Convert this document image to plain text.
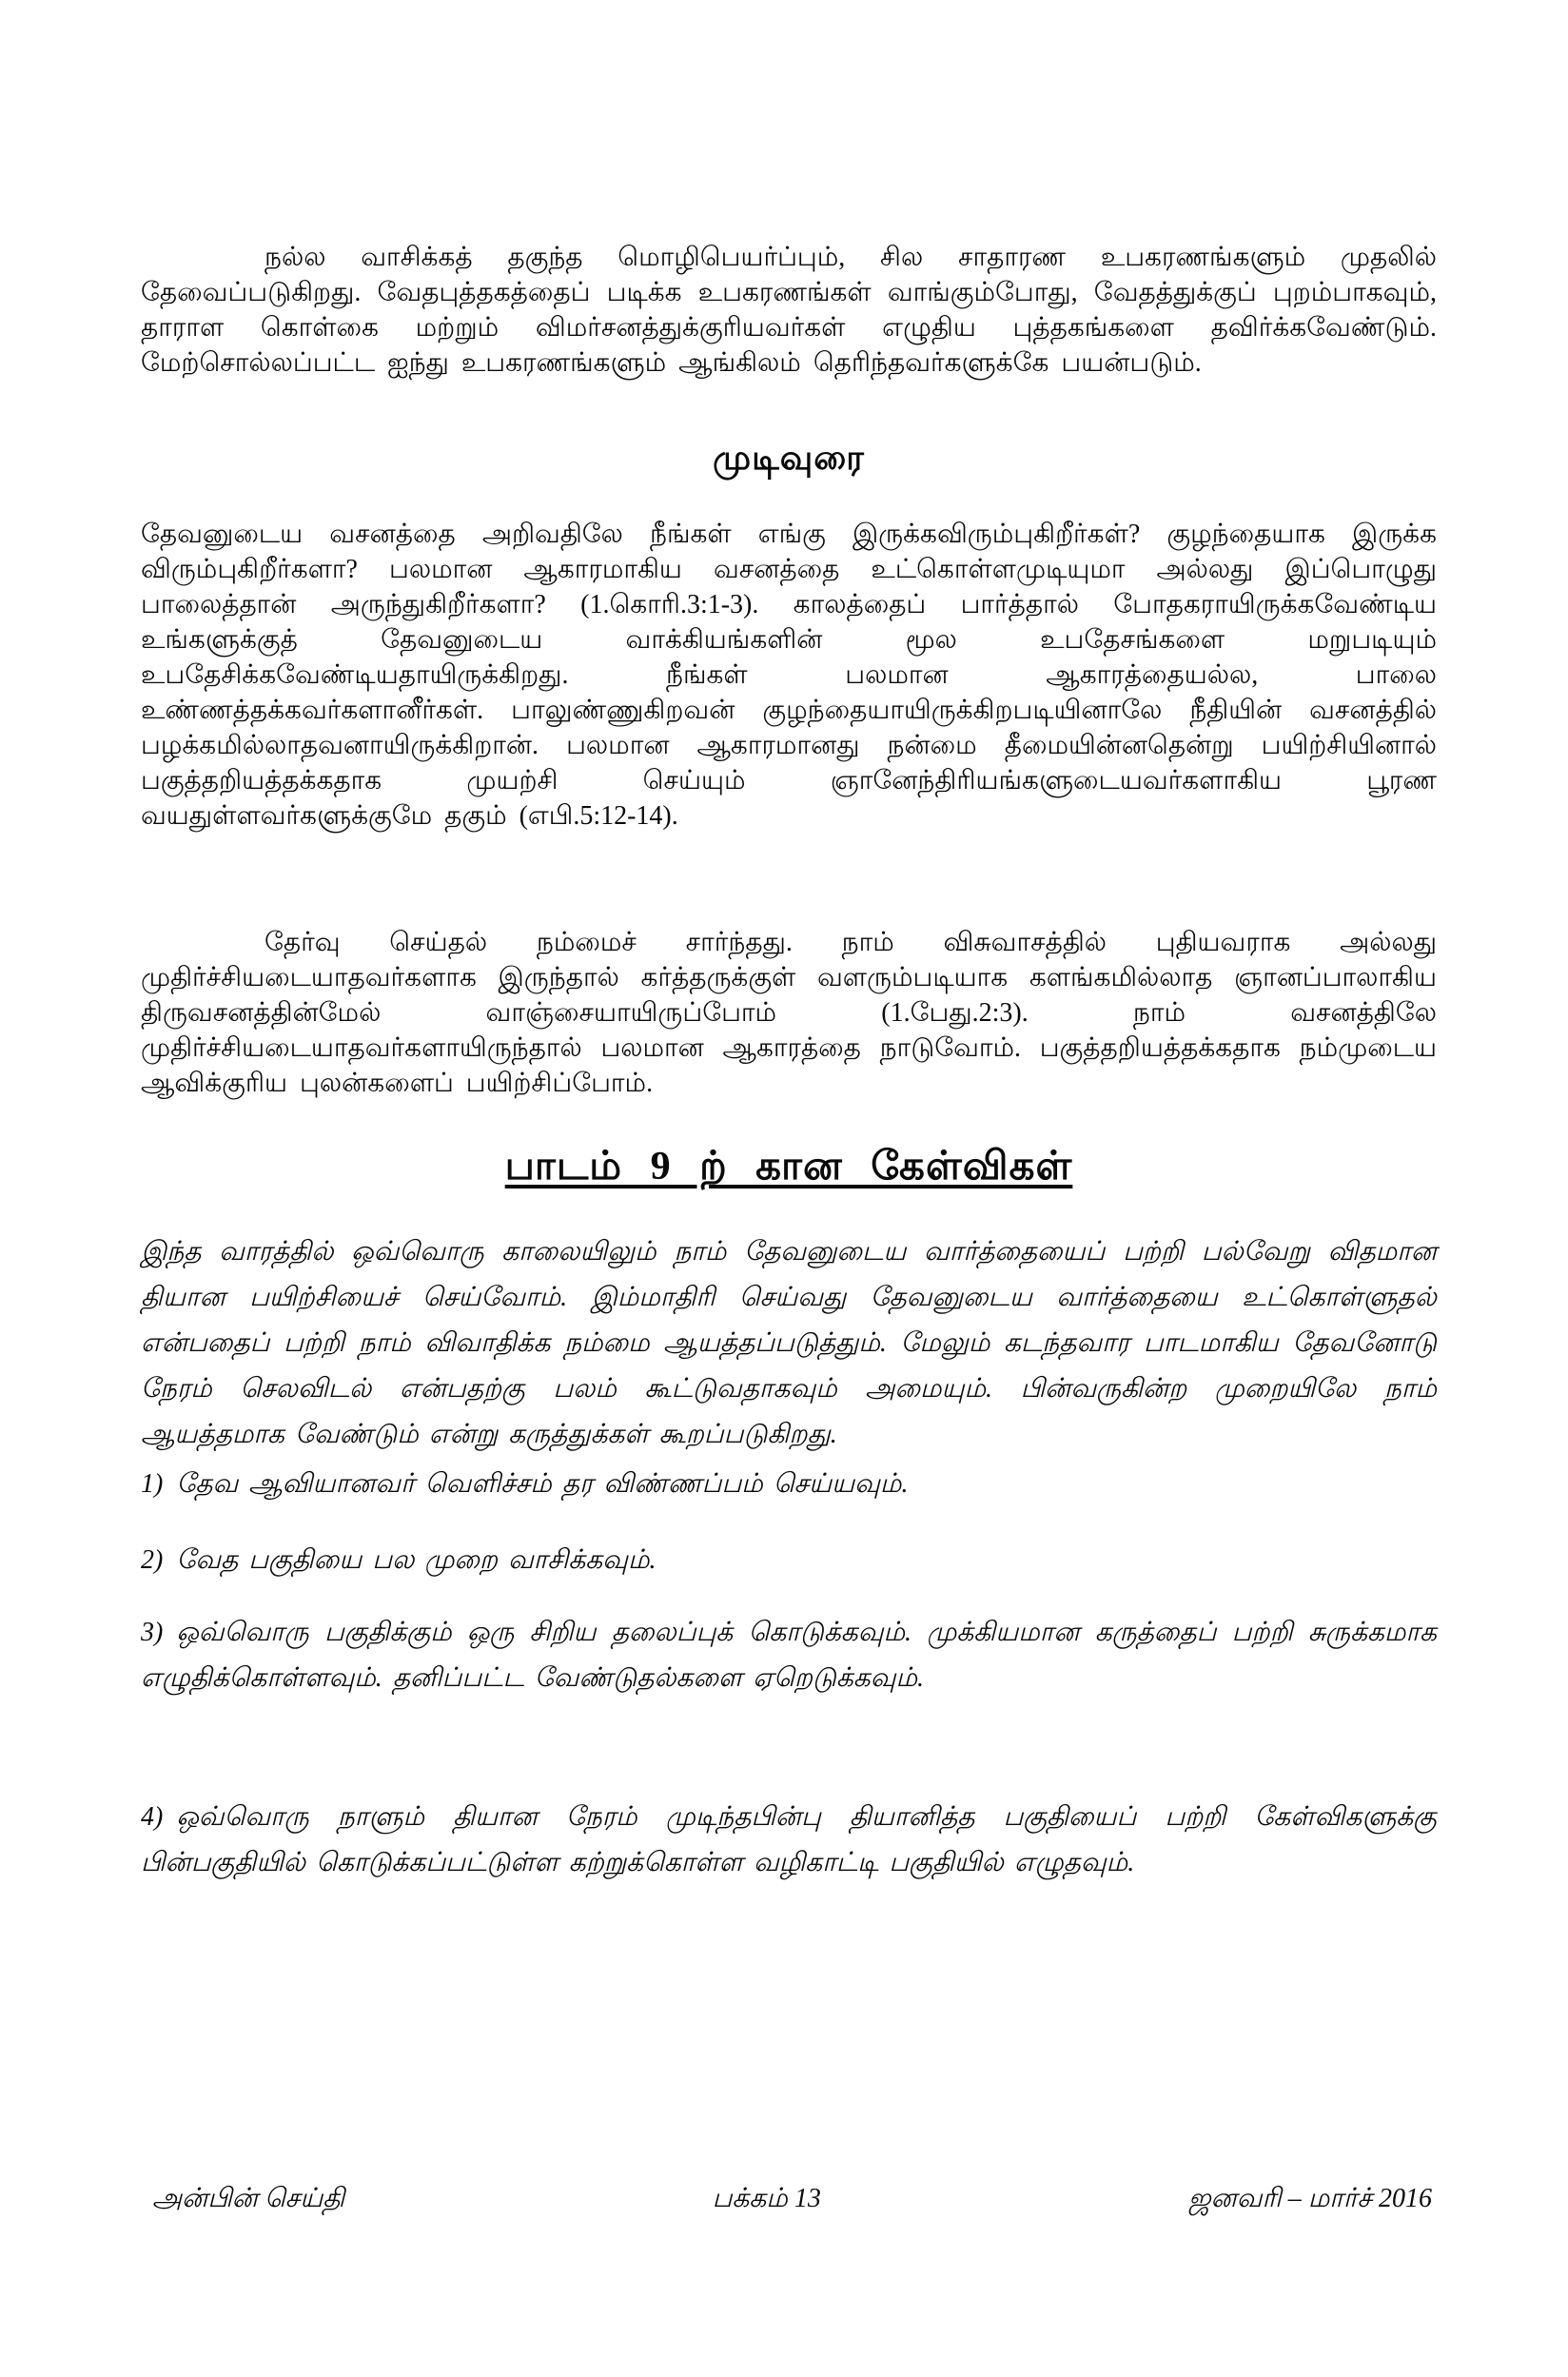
நல்ல வாசிக்கத் தகுந்த மொழிபெயர்ப்பும், சில சாதாரண உபகரணங்களும் முதலில் தேவைப்படுகிறது. வேதபுத்தகத்தைப் படிக்க உபகரணங்கள் வாங்கும்போது, வேதத்துக்குப் புறம்பாகவும், தாராள கொள்கை மற்றும் விமர்சனத்துக்குரியவர்கள் எழுதிய புத்தகங்களை தவிர்க்கவேண்டும். மேற்சொல்லப்பட்ட ஐந்து உபகரணங்களும் ஆங்கிலம் தெரிந்தவர்களுக்கே பயன்படும்.

முடிவுரை

தேவனுடைய வசனத்தை அறிவதிலே நீங்கள் எங்கு இருக்கவிரும்புகிறீர்கள்? குழந்தையாக இருக்க விரும்புகிறீர்களா? பலமான ஆகாரமாகிய வசனத்தை உட்கொள்ளமுடியுமா அல்லது இப்பொழுது பாலைத்தான் அருந்துகிறீர்களா? (1.கொரி.3:1-3). காலத்தைப் பார்த்தால் போதகராயிருக்கவேண்டிய உங்களுக்குத் தேவனுடைய வாக்கியங்களின் மூல உபதேசங்களை மறுபடியும் உபதேசிக்கவேண்டியதாயிருக்கிறது. நீங்கள் பலமான ஆகாரத்தையல்ல, பாலை உண்ணத்தக்கவர்களானீர்கள். பாலுண்ணுகிறவன் குழந்தையாயிருக்கிறபடியினாலே நீதியின் வசனத்தில் பழக்கமில்லாதவனாயிருக்கிறான். பலமான ஆகாரமானது நன்மை தீமையின்னதென்று பயிற்சியினால் பகுத்தறியத்தக்கதாக முயற்சி செய்யும் ஞானேந்திரியங்களுடையவர்களாகிய பூரண வயதுள்ளவர்களுக்குமே தகும் (எபி.5:12-14).

தேர்வு செய்தல் நம்மைச் சார்ந்தது. நாம் விசுவாசத்தில் புதியவராக அல்லது முதிர்ச்சியடையாதவர்களாக இருந்தால் கர்த்தருக்குள் வளரும்படியாக களங்கமில்லாத ஞானப்பாலாகிய திருவசனத்தின்மேல் வாஞ்சையாயிருப்போம் (1.பேது.2:3). நாம் வசனத்திலே முதிர்ச்சியடையாதவர்களாயிருந்தால் பலமான ஆகாரத்தை நாடுவோம். பகுத்தறியத்தக்கதாக நம்முடைய ஆவிக்குரிய புலன்களைப் பயிற்சிப்போம்.

பாடம் 9 ற் கான கேள்விகள்

இந்த வாரத்தில் ஒவ்வொரு காலையிலும் நாம் தேவனுடைய வார்த்தையைப் பற்றி பல்வேறு விதமான தியான பயிற்சியைச் செய்வோம். இம்மாதிரி செய்வது தேவனுடைய வார்த்தையை உட்கொள்ளுதல் என்பதைப் பற்றி நாம் விவாதிக்க நம்மை ஆயத்தப்படுத்தும். மேலும் கடந்தவார பாடமாகிய தேவனோடு நேரம் செலவிடல் என்பதற்கு பலம் கூட்டுவதாகவும் அமையும். பின்வருகின்ற முறையிலே நாம் ஆயத்தமாக வேண்டும் என்று கருத்துக்கள் கூறப்படுகிறது.

1) தேவ ஆவியானவர் வெளிச்சம் தர விண்ணப்பம் செய்யவும்.

2) வேத பகுதியை பல முறை வாசிக்கவும்.

3) ஒவ்வொரு பகுதிக்கும் ஒரு சிறிய தலைப்புக் கொடுக்கவும். முக்கியமான கருத்தைப் பற்றி சுருக்கமாக எழுதிக்கொள்ளவும். தனிப்பட்ட வேண்டுதல்களை ஏறெடுக்கவும்.

4) ஒவ்வொரு நாளும் தியான நேரம் முடிந்தபின்பு தியானித்த பகுதியைப் பற்றி கேள்விகளுக்கு பின்பகுதியில் கொடுக்கப்பட்டுள்ள கற்றுக்கொள்ள வழிகாட்டி பகுதியில் எழுதவும்.

அன்பின் செய்தி	பக்கம் 13	ஜனவரி – மார்ச் 2016
